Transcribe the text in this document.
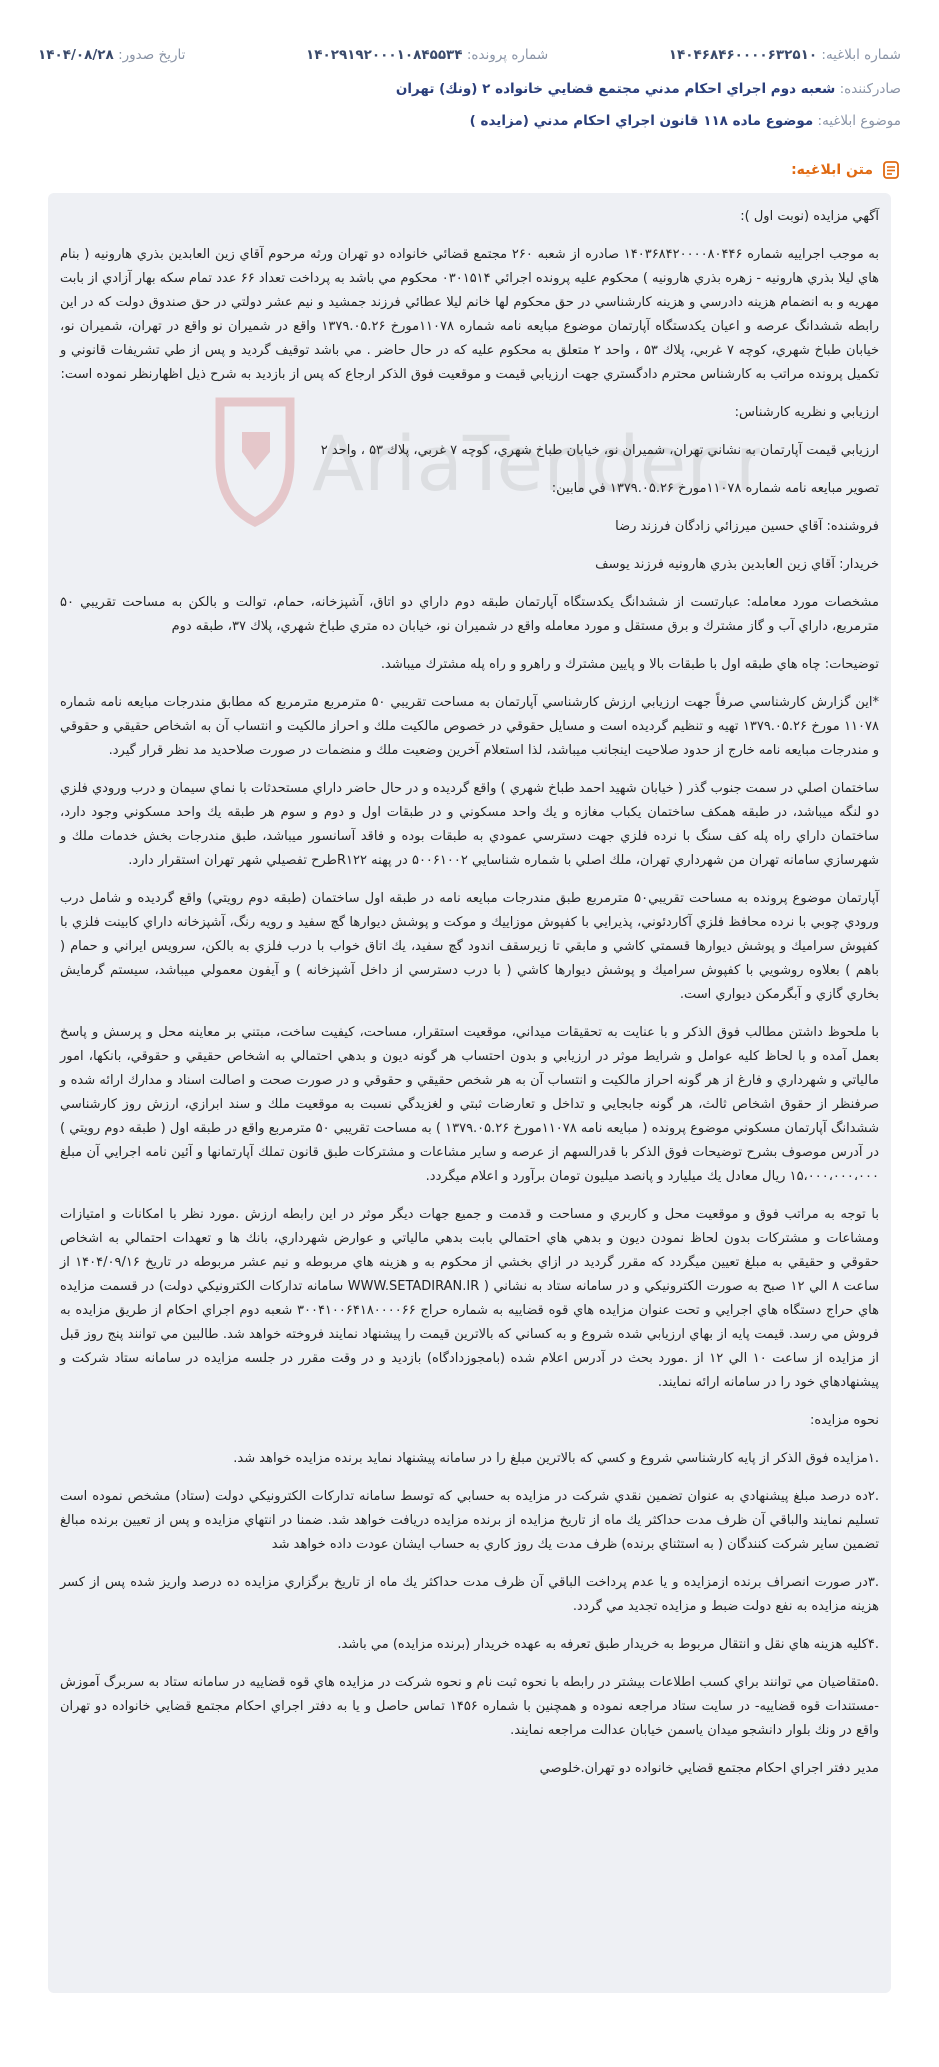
شماره ابلاغیه: ۱۴۰۴۶۸۴۶۰۰۰۰۶۳۲۵۱۰
شماره پرونده: ۱۴۰۲۹۱۹۲۰۰۰۱۰۸۴۵۵۳۴
تاریخ صدور: ۱۴۰۴/۰۸/۲۸
صادرکننده: شعبه دوم اجراي احكام مدني مجتمع قضايي خانواده ۲ (ونك) تهران
موضوع ابلاغیه: موضوع ماده ۱۱۸ قانون اجراي احكام مدني (مزايده )
متن ابلاغیه:
AriaTender.n

آگهي مزايده (نوبت اول ):

به موجب اجراييه شماره ۱۴۰۳۶۸۴۲۰۰۰۰۸۰۴۴۶ صادره از شعبه ۲۶۰ مجتمع قضائي خانواده دو تهران ورثه مرحوم آقاي زين العابدين بذري هارونيه ( بنام هاي ليلا بذري هارونيه - زهره بذري هارونيه ) محكوم عليه پرونده اجرائي ۰۳۰۱۵۱۴ محكوم مي باشد به پرداخت تعداد ۶۶ عدد تمام سكه بهار آزادي از بابت مهريه و به انضمام هزينه دادرسي و هزينه كارشناسي در حق محكوم لها خانم ليلا عطائي فرزند جمشيد و نيم عشر دولتي در حق صندوق دولت كه در اين رابطه ششدانگ عرصه و اعيان يكدستگاه آپارتمان موضوع مبايعه نامه شماره ۱۱۰۷۸مورخ ۱۳۷۹.۰۵.۲۶ واقع در شميران نو واقع در تهران، شميران نو، خيابان طباخ شهري، كوچه ۷ غربي، پلاك ۵۳ ، واحد ۲ متعلق به محكوم عليه كه در حال حاضر . مي باشد توقيف گرديد و پس از طي تشريفات قانوني و تكميل پرونده مراتب به كارشناس محترم دادگستري جهت ارزيابي قيمت و موقعيت فوق الذكر ارجاع كه پس از بازديد به شرح ذيل اظهارنظر نموده است:

ارزيابي و نظريه كارشناس:

ارزيابي قيمت آپارتمان به نشاني تهران، شميران نو، خيابان طباخ شهري، كوچه ۷ غربي، پلاك ۵۳ ، واحد ۲

تصوير مبايعه نامه شماره ۱۱۰۷۸مورخ ۱۳۷۹.۰۵.۲۶ في مابين:

فروشنده: آقاي حسين ميرزائي زادگان فرزند رضا

خريدار: آقاي زين العابدين بذري هارونيه فرزند يوسف

مشخصات مورد معامله: عبارتست از ششدانگ يكدستگاه آپارتمان طبقه دوم داراي دو اتاق، آشپزخانه، حمام، توالت و بالكن به مساحت تقريبي ۵۰ مترمربع، داراي آب و گاز مشترك و برق مستقل و مورد معامله واقع در شميران نو، خيابان ده متري طباخ شهري، پلاك ۳۷، طبقه دوم

توضيحات: چاه هاي طبقه اول با طبقات بالا و پايين مشترك و راهرو و راه پله مشترك ميباشد.

*اين گزارش كارشناسي صرفاً جهت ارزيابي ارزش كارشناسي آپارتمان به مساحت تقريبي ۵۰ مترمربع مترمربع كه مطابق مندرجات مبايعه نامه شماره ۱۱۰۷۸ مورخ ۱۳۷۹.۰۵.۲۶ تهيه و تنظيم گرديده است و مسايل حقوقي در خصوص مالكيت ملك و احراز مالكيت و انتساب آن به اشخاص حقيقي و حقوقي و مندرجات مبايعه نامه خارج از حدود صلاحيت اينجانب ميباشد، لذا استعلام آخرين وضعيت ملك و منضمات در صورت صلاحديد مد نظر قرار گيرد.

ساختمان اصلي در سمت جنوب گذر ( خيابان شهيد احمد طباخ شهري ) واقع گرديده و در حال حاضر داراي مستحدثات با نماي سيمان و درب ورودي فلزي دو لنگه ميباشد، در طبقه همكف ساختمان يكباب مغازه و يك واحد مسكوني و در طبقات اول و دوم و سوم هر طبقه يك واحد مسكوني وجود دارد، ساختمان داراي راه پله كف سنگ با نرده فلزي جهت دسترسي عمودي به طبقات بوده و فاقد آسانسور ميباشد، طبق مندرجات بخش خدمات ملك و شهرسازي سامانه تهران من شهرداري تهران، ملك اصلي با شماره شناسايي ۵۰۰۶۱۰۰۲ در پهنه R۱۲۲طرح تفصيلي شهر تهران استقرار دارد.

آپارتمان موضوع پرونده به مساحت تقريبي۵۰ مترمربع طبق مندرجات مبايعه نامه در طبقه اول ساختمان (طبقه دوم رويتي) واقع گرديده و شامل درب ورودي چوبي با نرده محافظ فلزي آكاردئوني، پذيرايي با كفپوش موزاييك و موكت و پوشش ديوارها گچ سفيد و رويه رنگ، آشپزخانه داراي كابينت فلزي با كفپوش سراميك و پوشش ديوارها قسمتي كاشي و مابقي تا زيرسقف اندود گچ سفيد، يك اتاق خواب با درب فلزي به بالكن، سرويس ايراني و حمام ( باهم ) بعلاوه روشويي با كفپوش سراميك و پوشش ديوارها كاشي ( با درب دسترسي از داخل آشپزخانه ) و آيفون معمولي ميباشد، سيستم گرمايش بخاري گازي و آبگرمكن ديواري است.

با ملحوظ داشتن مطالب فوق الذكر و با عنايت به تحقيقات ميداني، موقعيت استقرار، مساحت، كيفيت ساخت، مبتني بر معاينه محل و پرسش و پاسخ بعمل آمده و با لحاظ كليه عوامل و شرايط موثر در ارزيابي و بدون احتساب هر گونه ديون و بدهي احتمالي به اشخاص حقيقي و حقوقي، بانكها، امور مالياتي و شهرداري و فارغ از هر گونه احراز مالكيت و انتساب آن به هر شخص حقيقي و حقوقي و در صورت صحت و اصالت اسناد و مدارك ارائه شده و صرفنظر از حقوق اشخاص ثالث، هر گونه جابجايي و تداخل و تعارضات ثبتي و لغزيدگي نسبت به موقعيت ملك و سند ابرازي، ارزش روز كارشناسي ششدانگ آپارتمان مسكوني موضوع پرونده ( مبايعه نامه ۱۱۰۷۸مورخ ۱۳۷۹.۰۵.۲۶ ) به مساحت تقريبي ۵۰ مترمربع واقع در طبقه اول ( طبقه دوم رويتي ) در آدرس موصوف بشرح توضيحات فوق الذكر با قدرالسهم از عرصه و ساير مشاعات و مشتركات طبق قانون تملك آپارتمانها و آئين نامه اجرايي آن مبلغ ۱۵،۰۰۰،۰۰۰،۰۰۰ ريال معادل يك ميليارد و پانصد ميليون تومان برآورد و اعلام ميگردد.

با توجه به مراتب فوق و موقعيت محل و كاربري و مساحت و قدمت و جميع جهات ديگر موثر در اين رابطه ارزش .مورد نظر با امكانات و امتيازات ومشاعات و مشتركات بدون لحاظ نمودن ديون و بدهي هاي احتمالي بابت بدهي مالياتي و عوارض شهرداري، بانك ها و تعهدات احتمالي به اشخاص حقوقي و حقيقي به مبلغ تعيين ميگردد كه مقرر گرديد در ازاي بخشي از محكوم به و هزينه هاي مربوطه و نيم عشر مربوطه در تاريخ ۱۴۰۴/۰۹/۱۶ از ساعت ۸ الي ۱۲ صبح به صورت الكترونيكي و در سامانه ستاد به نشاني ( WWW.SETADIRAN.IR سامانه تداركات الكترونيكي دولت) در قسمت مزايده هاي حراج دستگاه هاي اجرايي و تحت عنوان مزايده هاي قوه قضاييه به شماره حراج ۳۰۰۴۱۰۰۶۴۱۸۰۰۰۰۶۶ شعبه دوم اجراي احكام از طريق مزايده به فروش مي رسد. قيمت پايه از بهاي ارزيابي شده شروع و به كساني كه بالاترين قيمت را پيشنهاد نمايند فروخته خواهد شد. طالبين مي توانند پنج روز قبل از مزايده از ساعت ۱۰ الي ۱۲ از .مورد بحث در آدرس اعلام شده (بامجوزدادگاه) بازديد و در وقت مقرر در جلسه مزايده در سامانه ستاد شركت و پيشنهادهاي خود را در سامانه ارائه نمايند.

نحوه مزايده:

.۱مزايده فوق الذكر از پايه كارشناسي شروع و كسي كه بالاترين مبلغ را در سامانه پيشنهاد نمايد برنده مزايده خواهد شد.

.۲ده درصد مبلغ پيشنهادي به عنوان تضمين نقدي شركت در مزايده به حسابي كه توسط سامانه تداركات الكترونيكي دولت (ستاد) مشخص نموده است تسليم نمايند والباقي آن ظرف مدت حداكثر يك ماه از تاريخ مزايده از برنده مزايده دريافت خواهد شد. ضمنا در انتهاي مزايده و پس از تعيين برنده مبالغ تضمين ساير شركت كنندگان ( به استثناي برنده) ظرف مدت يك روز كاري به حساب ايشان عودت داده خواهد شد

.۳در صورت انصراف برنده ازمزايده و يا عدم پرداخت الباقي آن ظرف مدت حداكثر يك ماه از تاريخ برگزاري مزايده ده درصد واريز شده پس از كسر هزينه مزايده به نفع دولت ضبط و مزايده تجديد مي گردد.

.۴كليه هزينه هاي نقل و انتقال مربوط به خريدار طبق تعرفه به عهده خريدار (برنده مزايده) مي باشد.

.۵متقاضيان مي توانند براي كسب اطلاعات بيشتر در رابطه با نحوه ثبت نام و نحوه شركت در مزايده هاي قوه قضاييه در سامانه ستاد به سربرگ آموزش -مستندات قوه قضاييه- در سايت ستاد مراجعه نموده و همچنين با شماره ۱۴۵۶ تماس حاصل و يا به دفتر اجراي احكام مجتمع قضايي خانواده دو تهران واقع در ونك بلوار دانشجو ميدان ياسمن خيابان عدالت مراجعه نمايند.

مدير دفتر اجراي احكام مجتمع قضايي خانواده دو تهران.خلوصي
